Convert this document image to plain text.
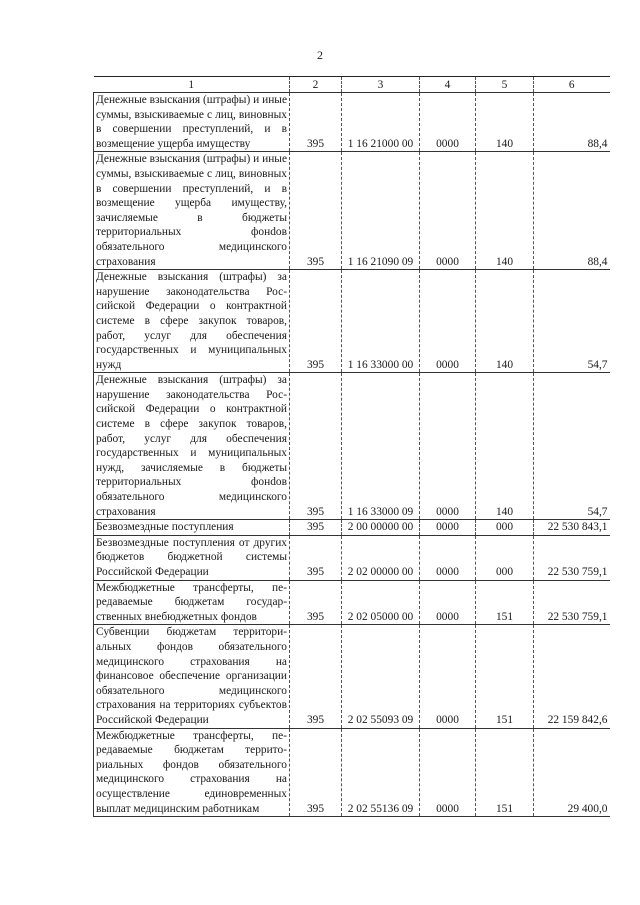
2
1	2	3	4	5	6
Денежные взыскания (штрафы) и иные суммы, взыскиваемые с лиц, виновных в совершении преступлений, и в возмещение ущерба имуществу	395	1 16 21000 00	0000	140	88,4
Денежные взыскания (штрафы) и иные суммы, взыскиваемые с лиц, виновных в совершении преступлений, и в возмещение ущерба имуществу, зачисляемые в бюджеты территориальных фонdов обязательного медицинского страхования	395	1 16 21090 09	0000	140	88,4
Денежные взыскания (штрафы) за нарушение законодательства Российской Федерации о контрактной системе в сфере закупок товаров, работ, услуг для обеспечения государственных и муниципальных нужд	395	1 16 33000 00	0000	140	54,7
Денежные взыскания (штрафы) за нарушение законодательства Российской Федерации о контрактной системе в сфере закупок товаров, работ, услуг для обеспечения государственных и муниципальных нужд, зачисляемые в бюджеты территориальных фонdов обязательного медицинского страхования	395	1 16 33000 09	0000	140	54,7
Безвозмездные поступления	395	2 00 00000 00	0000	000	22 530 843,1
Безвозмездные поступления от других бюджетов бюджетной системы Российской Федерации	395	2 02 00000 00	0000	000	22 530 759,1
Межбюджетные трансферты, передаваемые бюджетам государственных внебюджетных фондов	395	2 02 05000 00	0000	151	22 530 759,1
Субвенции бюджетам территориальных фондов обязательного медицинского страхования на финансовое обеспечение организации обязательного медицинского страхования на территориях субъектов Российской Федерации	395	2 02 55093 09	0000	151	22 159 842,6
Межбюджетные трансферты, передаваемые бюджетам территориальных фондов обязательного медицинского страхования на осуществление единовременных выплат медицинским работникам	395	2 02 55136 09	0000	151	29 400,0
